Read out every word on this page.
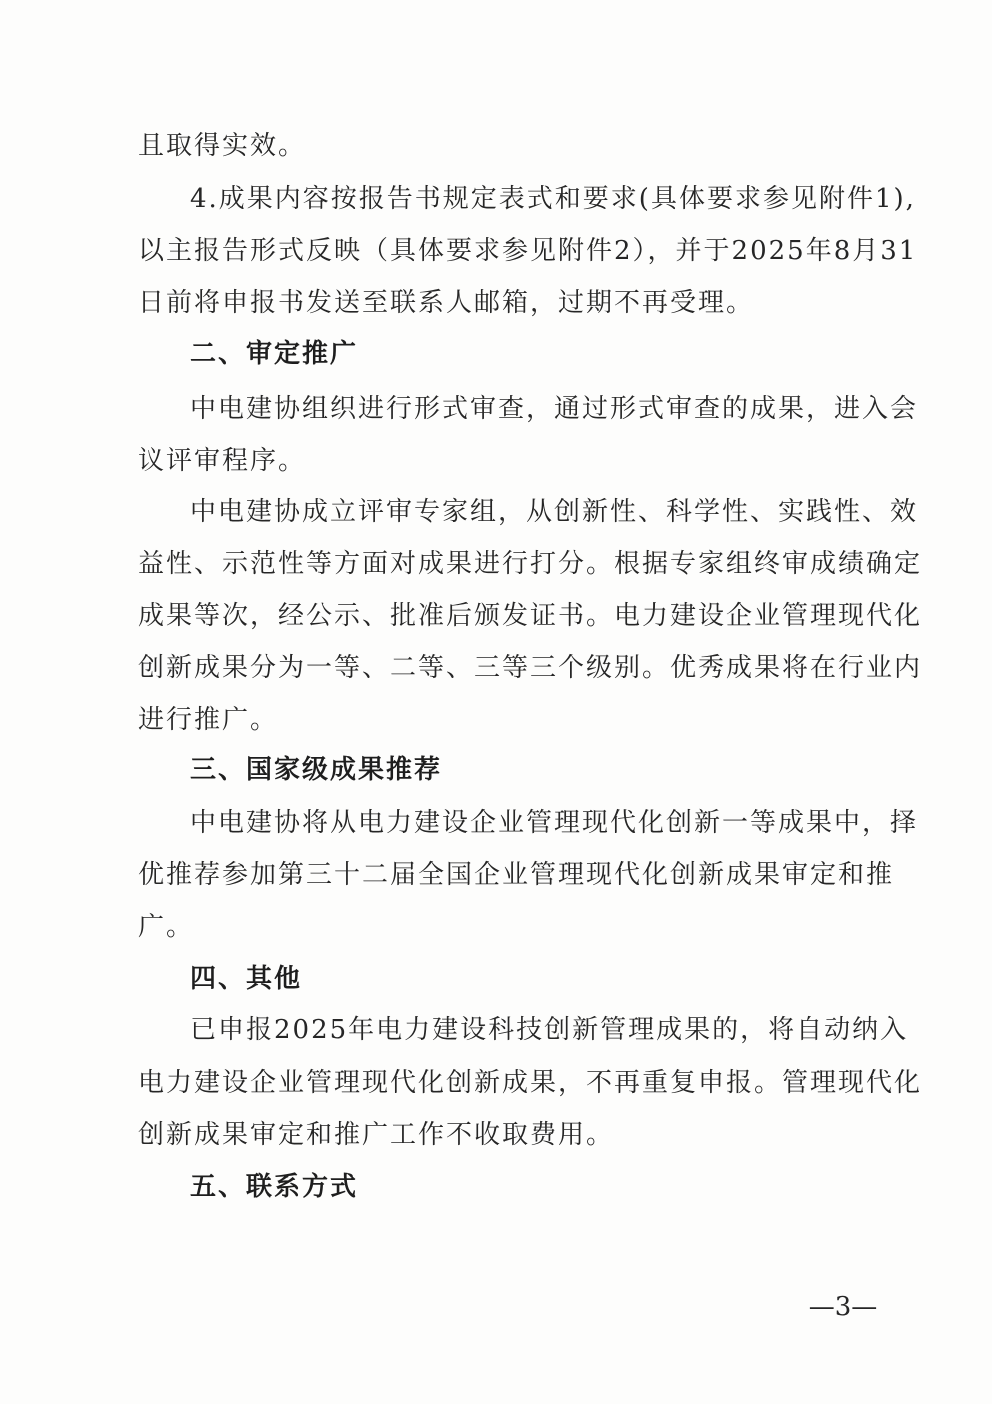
且取得实效。
4.成果内容按报告书规定表式和要求(具体要求参见附件1),
以主报告形式反映（具体要求参见附件2），并于2025年8月31
日前将申报书发送至联系人邮箱，过期不再受理。
二、审定推广
中电建协组织进行形式审查，通过形式审查的成果，进入会
议评审程序。
中电建协成立评审专家组，从创新性、科学性、实践性、效
益性、示范性等方面对成果进行打分。根据专家组终审成绩确定
成果等次，经公示、批准后颁发证书。电力建设企业管理现代化
创新成果分为一等、二等、三等三个级别。优秀成果将在行业内
进行推广。
三、国家级成果推荐
中电建协将从电力建设企业管理现代化创新一等成果中，择
优推荐参加第三十二届全国企业管理现代化创新成果审定和推
广。
四、其他
已申报2025年电力建设科技创新管理成果的，将自动纳入
电力建设企业管理现代化创新成果，不再重复申报。管理现代化
创新成果审定和推广工作不收取费用。
五、联系方式
—3—
